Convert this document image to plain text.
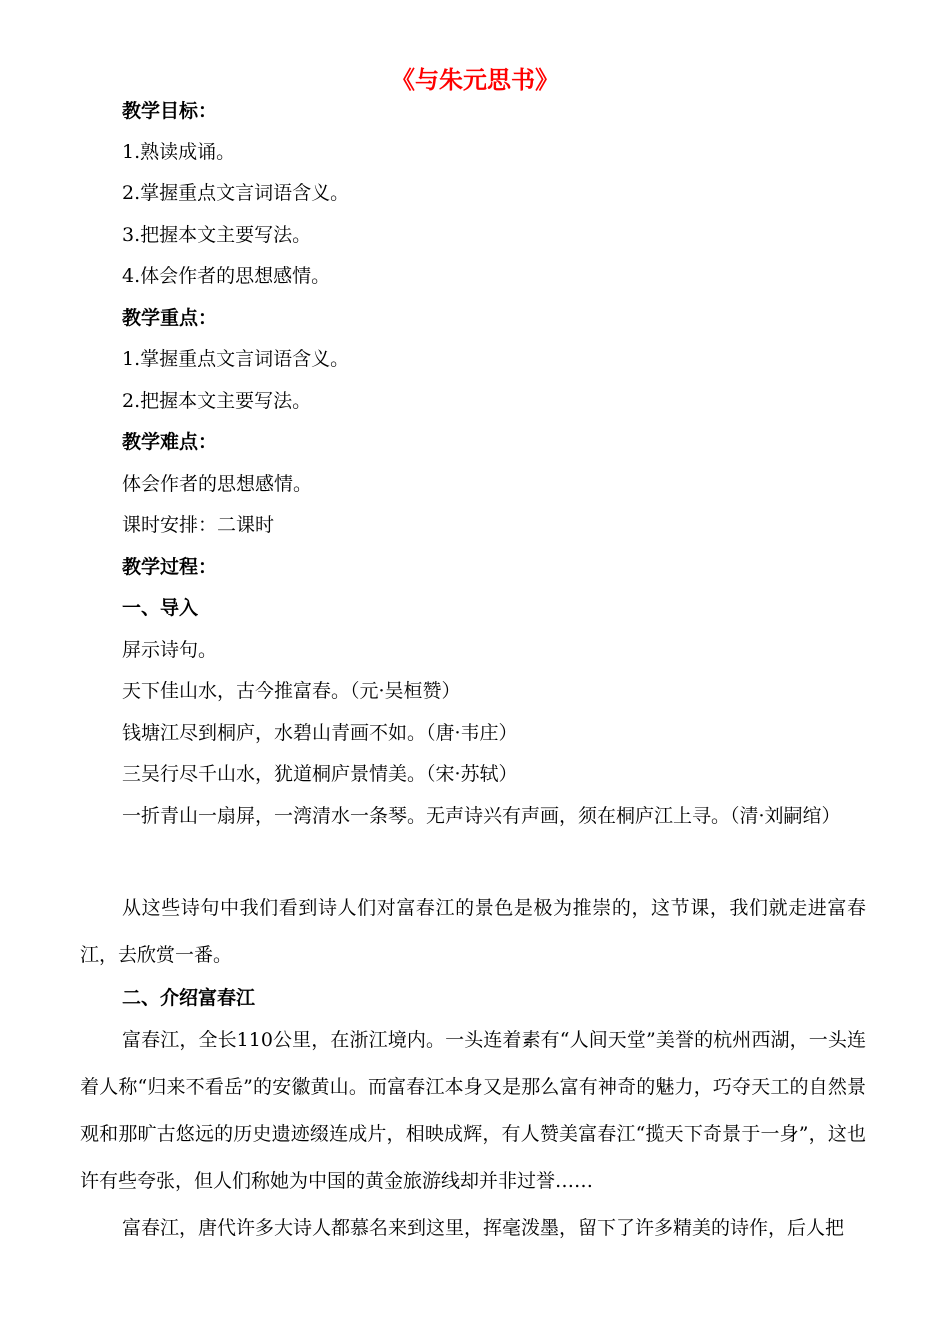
《与朱元思书》

教学目标：

1.熟读成诵。

2.掌握重点文言词语含义。

3.把握本文主要写法。

4.体会作者的思想感情。

教学重点：

1.掌握重点文言词语含义。

2.把握本文主要写法。

教学难点：

体会作者的思想感情。

课时安排：二课时

教学过程：

一、导入

屏示诗句。

天下佳山水，古今推富春。（元·吴桓赞）

钱塘江尽到桐庐，水碧山青画不如。（唐·韦庄）

三吴行尽千山水，犹道桐庐景情美。（宋·苏轼）

一折青山一扇屏，一湾清水一条琴。无声诗兴有声画，须在桐庐江上寻。（清·刘嗣绾）

从这些诗句中我们看到诗人们对富春江的景色是极为推崇的，这节课，我们就走进富春江，去欣赏一番。

二、介绍富春江

富春江，全长110公里，在浙江境内。一头连着素有“人间天堂”美誉的杭州西湖，一头连着人称“归来不看岳”的安徽黄山。而富春江本身又是那么富有神奇的魅力，巧夺天工的自然景观和那旷古悠远的历史遗迹缀连成片，相映成辉，有人赞美富春江“揽天下奇景于一身”，这也许有些夸张，但人们称她为中国的黄金旅游线却并非过誉……

富春江，唐代许多大诗人都慕名来到这里，挥毫泼墨，留下了许多精美的诗作，后人把
